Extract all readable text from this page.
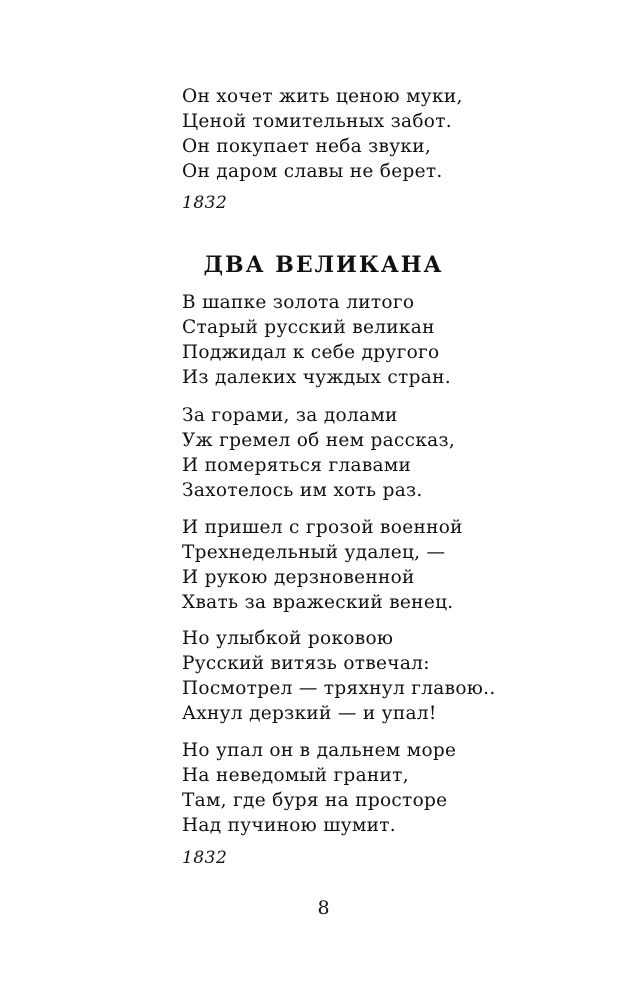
Он хочет жить ценою муки,
Ценой томительных забот.
Он покупает неба звуки,
Он даром славы не берет.
1832
ДВА ВЕЛИКАНА
В шапке золота литого
Старый русский великан
Поджидал к себе другого
Из далеких чуждых стран.
За горами, за долами
Уж гремел об нем рассказ,
И померяться главами
Захотелось им хоть раз.
И пришел с грозой военной
Трехнедельный удалец, —
И рукою дерзновенной
Хвать за вражеский венец.
Но улыбкой роковою
Русский витязь отвечал:
Посмотрел — тряхнул главою..
Ахнул дерзкий — и упал!
Но упал он в дальнем море
На неведомый гранит,
Там, где буря на просторе
Над пучиною шумит.
1832
8
